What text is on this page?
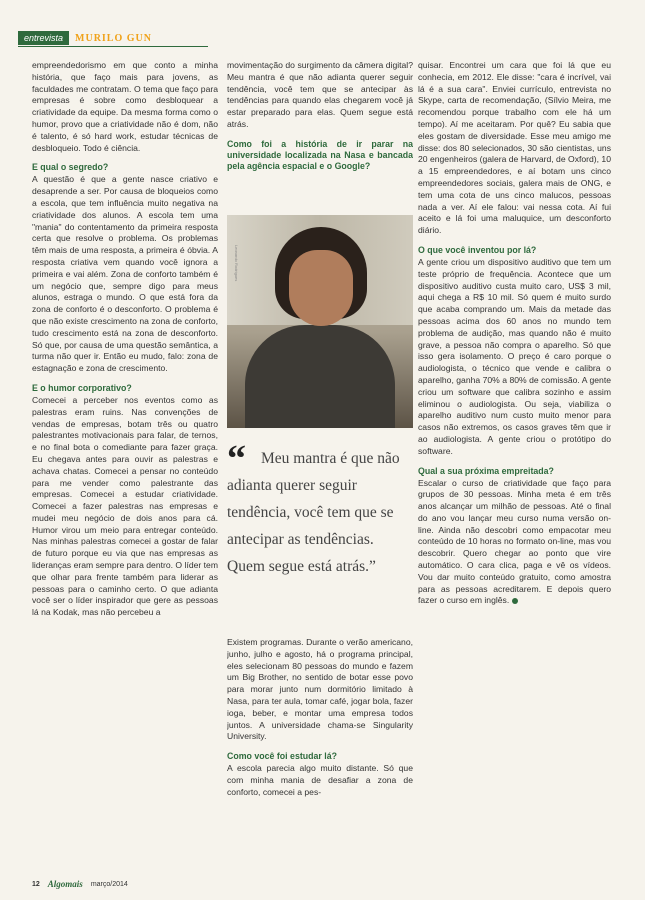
entrevista	MURILO GUN

empreendedorismo em que conto a minha história, que faço mais para jovens, as faculdades me contratam. O tema que faço para empresas é sobre como desbloquear a criatividade da equipe. Da mesma forma como o humor, provo que a criatividade não é dom, não é talento, é só hard work, estudar técnicas de desbloqueio. Todo é ciência.

E qual o segredo?

A questão é que a gente nasce criativo e desaprende a ser. Por causa de bloqueios como a escola, que tem influência muito negativa na criatividade dos alunos. A escola tem uma "mania" do contentamento da primeira resposta certa que resolve o problema. Os problemas têm mais de uma resposta, a primeira é óbvia. A resposta criativa vem quando você ignora a primeira e vai além. Zona de conforto também é um negócio que, sempre digo para meus alunos, estraga o mundo. O que está fora da zona de conforto é o desconforto. O problema é que não existe crescimento na zona de conforto, tudo crescimento está na zona de desconforto. Só que, por causa de uma questão semântica, a turma não quer ir. Então eu mudo, falo: zona de estagnação e zona de crescimento.

E o humor corporativo?

Comecei a perceber nos eventos como as palestras eram ruins. Nas convenções de vendas de empresas, botam três ou quatro palestrantes motivacionais para falar, de ternos, e no final bota o comediante para fazer graça. Eu chegava antes para ouvir as palestras e achava chatas. Comecei a pensar no conteúdo para me vender como palestrante das empresas. Comecei a estudar criatividade. Comecei a fazer palestras nas empresas e mudei meu negócio de dois anos para cá. Humor virou um meio para entregar conteúdo. Nas minhas palestras comecei a gostar de falar de futuro porque eu via que nas empresas as lideranças eram sempre para dentro. O líder tem que olhar para frente também para liderar as pessoas para o caminho certo. O que adianta você ser o líder inspirador que gere as pessoas lá na Kodak, mas não percebeu a

movimentação do surgimento da câmera digital? Meu mantra é que não adianta querer seguir tendência, você tem que se antecipar às tendências para quando elas chegarem você já estar preparado para elas. Quem segue está atrás.

Como foi a história de ir parar na universidade localizada na Nasa e bancada pela agência espacial e o Google?
Leonardo Rodrigues
“ Meu mantra é que não adianta querer seguir tendência, você tem que se antecipar as tendências. Quem segue está atrás.”

Existem programas. Durante o verão americano, junho, julho e agosto, há o programa principal, eles selecionam 80 pessoas do mundo e fazem um Big Brother, no sentido de botar esse povo para morar junto num dormitório limitado à Nasa, para ter aula, tomar café, jogar bola, fazer ioga, beber, e montar uma empresa todos juntos. A universidade chama-se Singularity University.

Como você foi estudar lá?

A escola parecia algo muito distante. Só que com minha mania de desafiar a zona de conforto, comecei a pes-

quisar. Encontrei um cara que foi lá que eu conhecia, em 2012. Ele disse: "cara é incrível, vai lá é a sua cara". Enviei currículo, entrevista no Skype, carta de recomendação, (Sílvio Meira, me recomendou porque trabalho com ele há um tempo). Aí me aceitaram. Por quê? Eu sabia que eles gostam de diversidade. Esse meu amigo me disse: dos 80 selecionados, 30 são cientistas, uns 20 engenheiros (galera de Harvard, de Oxford), 10 a 15 empreendedores, e aí botam uns cinco empreendedores sociais, galera mais de ONG, e tem uma cota de uns cinco malucos, pessoas nada a ver. Aí ele falou: vai nessa cota. Aí fui aceito e lá foi uma maluquice, um desconforto diário.

O que você inventou por lá?

A gente criou um dispositivo auditivo que tem um teste próprio de frequência. Acontece que um dispositivo auditivo custa muito caro, US$ 3 mil, aqui chega a R$ 10 mil. Só quem é muito surdo que acaba comprando um. Mais da metade das pessoas acima dos 60 anos no mundo tem problema de audição, mas quando não é muito grave, a pessoa não compra o aparelho. Só que isso gera isolamento. O preço é caro porque o audiologista, o técnico que vende e calibra o aparelho, ganha 70% a 80% de comissão. A gente criou um software que calibra sozinho e assim eliminou o audiologista. Ou seja, viabiliza o aparelho auditivo num custo muito menor para casos não extremos, os casos graves têm que ir ao audiologista. A gente criou o protótipo do software.

Qual a sua próxima empreitada?

Escalar o curso de criatividade que faço para grupos de 30 pessoas. Minha meta é em três anos alcançar um milhão de pessoas. Até o final do ano vou lançar meu curso numa versão on-line. Ainda não descobri como empacotar meu conteúdo de 10 horas no formato on-line, mas vou descobrir. Quero chegar ao ponto que vire automático. O cara clica, paga e vê os vídeos. Vou dar muito conteúdo gratuito, como amostra para as pessoas acreditarem. E depois quero fazer o curso em inglês.

12 Algomais março/2014
